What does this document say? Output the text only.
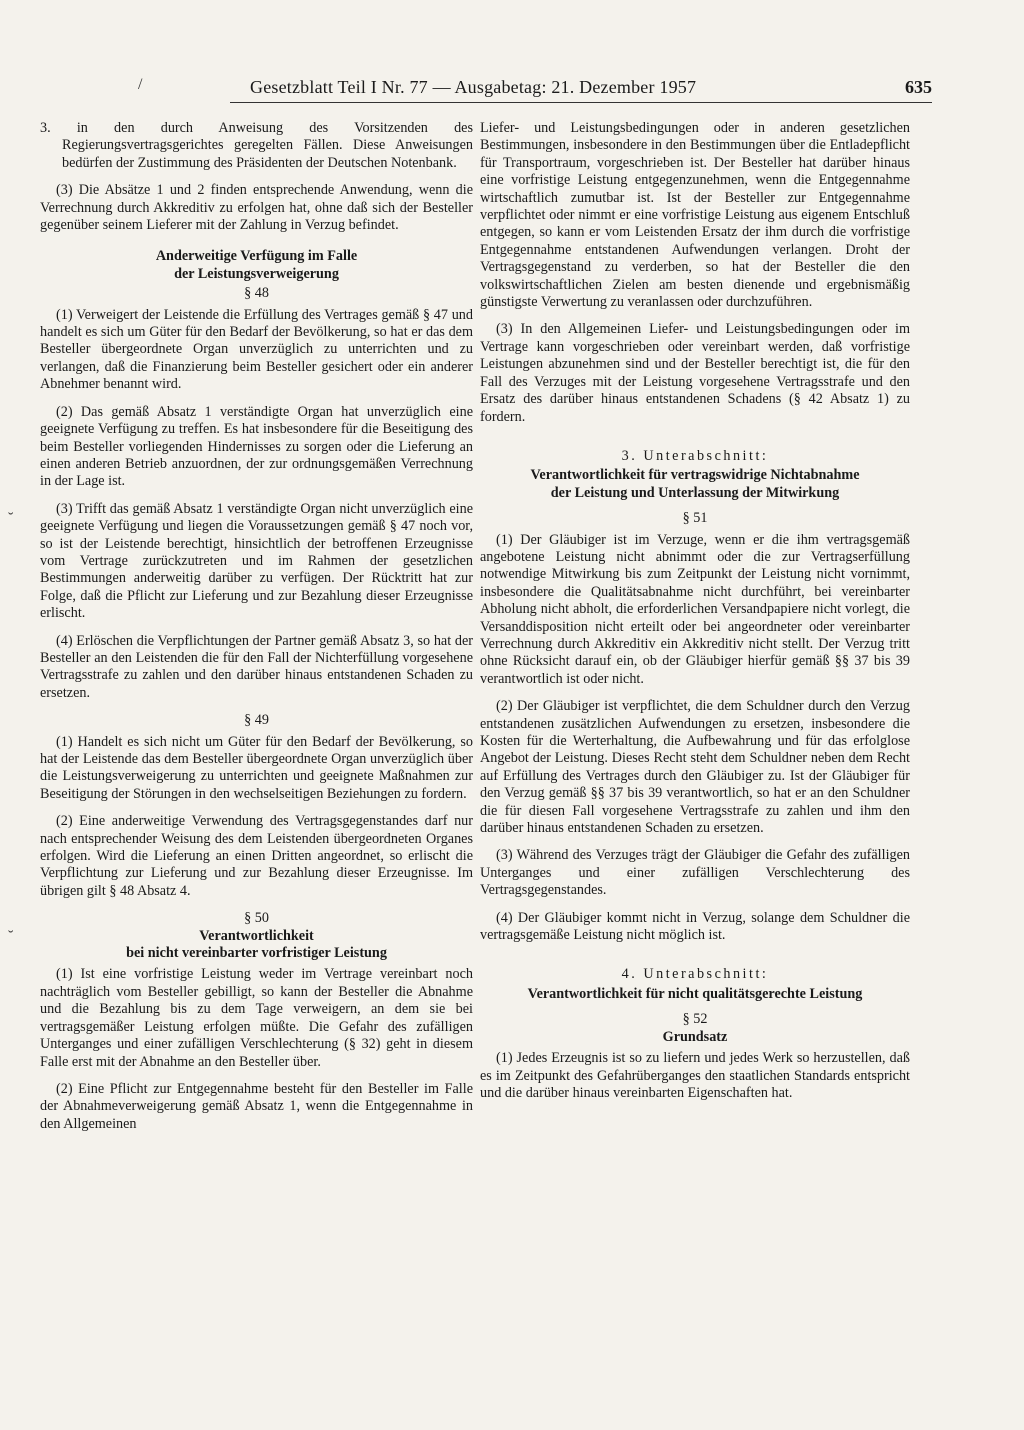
Gesetzblatt Teil I Nr. 77 — Ausgabetag: 21. Dezember 1957	635
/
˘
˘

3. in den durch Anweisung des Vorsitzenden des Regierungsvertragsgerichtes geregelten Fällen. Diese Anweisungen bedürfen der Zustimmung des Präsidenten der Deutschen Notenbank.

(3) Die Absätze 1 und 2 finden entsprechende Anwendung, wenn die Verrechnung durch Akkreditiv zu erfolgen hat, ohne daß sich der Besteller gegenüber seinem Lieferer mit der Zahlung in Verzug befindet.

Anderweitige Verfügung im Falle

der Leistungsverweigerung

§ 48

(1) Verweigert der Leistende die Erfüllung des Vertrages gemäß § 47 und handelt es sich um Güter für den Bedarf der Bevölkerung, so hat er das dem Besteller übergeordnete Organ unverzüglich zu unterrichten und zu verlangen, daß die Finanzierung beim Besteller gesichert oder ein anderer Abnehmer benannt wird.

(2) Das gemäß Absatz 1 verständigte Organ hat unverzüglich eine geeignete Verfügung zu treffen. Es hat insbesondere für die Beseitigung des beim Besteller vorliegenden Hindernisses zu sorgen oder die Lieferung an einen anderen Betrieb anzuordnen, der zur ordnungsgemäßen Verrechnung in der Lage ist.

(3) Trifft das gemäß Absatz 1 verständigte Organ nicht unverzüglich eine geeignete Verfügung und liegen die Voraussetzungen gemäß § 47 noch vor, so ist der Leistende berechtigt, hinsichtlich der betroffenen Erzeugnisse vom Vertrage zurückzutreten und im Rahmen der gesetzlichen Bestimmungen anderweitig darüber zu verfügen. Der Rücktritt hat zur Folge, daß die Pflicht zur Lieferung und zur Bezahlung dieser Erzeugnisse erlischt.

(4) Erlöschen die Verpflichtungen der Partner gemäß Absatz 3, so hat der Besteller an den Leistenden die für den Fall der Nichterfüllung vorgesehene Vertragsstrafe zu zahlen und den darüber hinaus entstandenen Schaden zu ersetzen.

§ 49

(1) Handelt es sich nicht um Güter für den Bedarf der Bevölkerung, so hat der Leistende das dem Besteller übergeordnete Organ unverzüglich über die Leistungsverweigerung zu unterrichten und geeignete Maßnahmen zur Beseitigung der Störungen in den wechselseitigen Beziehungen zu fordern.

(2) Eine anderweitige Verwendung des Vertragsgegenstandes darf nur nach entsprechender Weisung des dem Leistenden übergeordneten Organes erfolgen. Wird die Lieferung an einen Dritten angeordnet, so erlischt die Verpflichtung zur Lieferung und zur Bezahlung dieser Erzeugnisse. Im übrigen gilt § 48 Absatz 4.

§ 50

Verantwortlichkeit

bei nicht vereinbarter vorfristiger Leistung

(1) Ist eine vorfristige Leistung weder im Vertrage vereinbart noch nachträglich vom Besteller gebilligt, so kann der Besteller die Abnahme und die Bezahlung bis zu dem Tage verweigern, an dem sie bei vertragsgemäßer Leistung erfolgen müßte. Die Gefahr des zufälligen Unterganges und einer zufälligen Verschlechterung (§ 32) geht in diesem Falle erst mit der Abnahme an den Besteller über.

(2) Eine Pflicht zur Entgegennahme besteht für den Besteller im Falle der Abnahmeverweigerung gemäß Absatz 1, wenn die Entgegennahme in den Allgemeinen

Liefer- und Leistungsbedingungen oder in anderen gesetzlichen Bestimmungen, insbesondere in den Bestimmungen über die Entladepflicht für Transportraum, vorgeschrieben ist. Der Besteller hat darüber hinaus eine vorfristige Leistung entgegenzunehmen, wenn die Entgegennahme wirtschaftlich zumutbar ist. Ist der Besteller zur Entgegennahme verpflichtet oder nimmt er eine vorfristige Leistung aus eigenem Entschluß entgegen, so kann er vom Leistenden Ersatz der ihm durch die vorfristige Entgegennahme entstandenen Aufwendungen verlangen. Droht der Vertragsgegenstand zu verderben, so hat der Besteller die den volkswirtschaftlichen Zielen am besten dienende und ergebnismäßig günstigste Verwertung zu veranlassen oder durchzuführen.

(3) In den Allgemeinen Liefer- und Leistungsbedingungen oder im Vertrage kann vorgeschrieben oder vereinbart werden, daß vorfristige Leistungen abzunehmen sind und der Besteller berechtigt ist, die für den Fall des Verzuges mit der Leistung vorgesehene Vertragsstrafe und den Ersatz des darüber hinaus entstandenen Schadens (§ 42 Absatz 1) zu fordern.

3. Unterabschnitt:

Verantwortlichkeit für vertragswidrige Nichtabnahme

der Leistung und Unterlassung der Mitwirkung

§ 51

(1) Der Gläubiger ist im Verzuge, wenn er die ihm vertragsgemäß angebotene Leistung nicht abnimmt oder die zur Vertragserfüllung notwendige Mitwirkung bis zum Zeitpunkt der Leistung nicht vornimmt, insbesondere die Qualitätsabnahme nicht durchführt, bei vereinbarter Abholung nicht abholt, die erforderlichen Versandpapiere nicht vorlegt, die Versanddisposition nicht erteilt oder bei angeordneter oder vereinbarter Verrechnung durch Akkreditiv ein Akkreditiv nicht stellt. Der Verzug tritt ohne Rücksicht darauf ein, ob der Gläubiger hierfür gemäß §§ 37 bis 39 verantwortlich ist oder nicht.

(2) Der Gläubiger ist verpflichtet, die dem Schuldner durch den Verzug entstandenen zusätzlichen Aufwendungen zu ersetzen, insbesondere die Kosten für die Werterhaltung, die Aufbewahrung und für das erfolglose Angebot der Leistung. Dieses Recht steht dem Schuldner neben dem Recht auf Erfüllung des Vertrages durch den Gläubiger zu. Ist der Gläubiger für den Verzug gemäß §§ 37 bis 39 verantwortlich, so hat er an den Schuldner die für diesen Fall vorgesehene Vertragsstrafe zu zahlen und ihm den darüber hinaus entstandenen Schaden zu ersetzen.

(3) Während des Verzuges trägt der Gläubiger die Gefahr des zufälligen Unterganges und einer zufälligen Verschlechterung des Vertragsgegenstandes.

(4) Der Gläubiger kommt nicht in Verzug, solange dem Schuldner die vertragsgemäße Leistung nicht möglich ist.

4. Unterabschnitt:

Verantwortlichkeit für nicht qualitätsgerechte Leistung

§ 52

Grundsatz

(1) Jedes Erzeugnis ist so zu liefern und jedes Werk so herzustellen, daß es im Zeitpunkt des Gefahrüberganges den staatlichen Standards entspricht und die darüber hinaus vereinbarten Eigenschaften hat.
